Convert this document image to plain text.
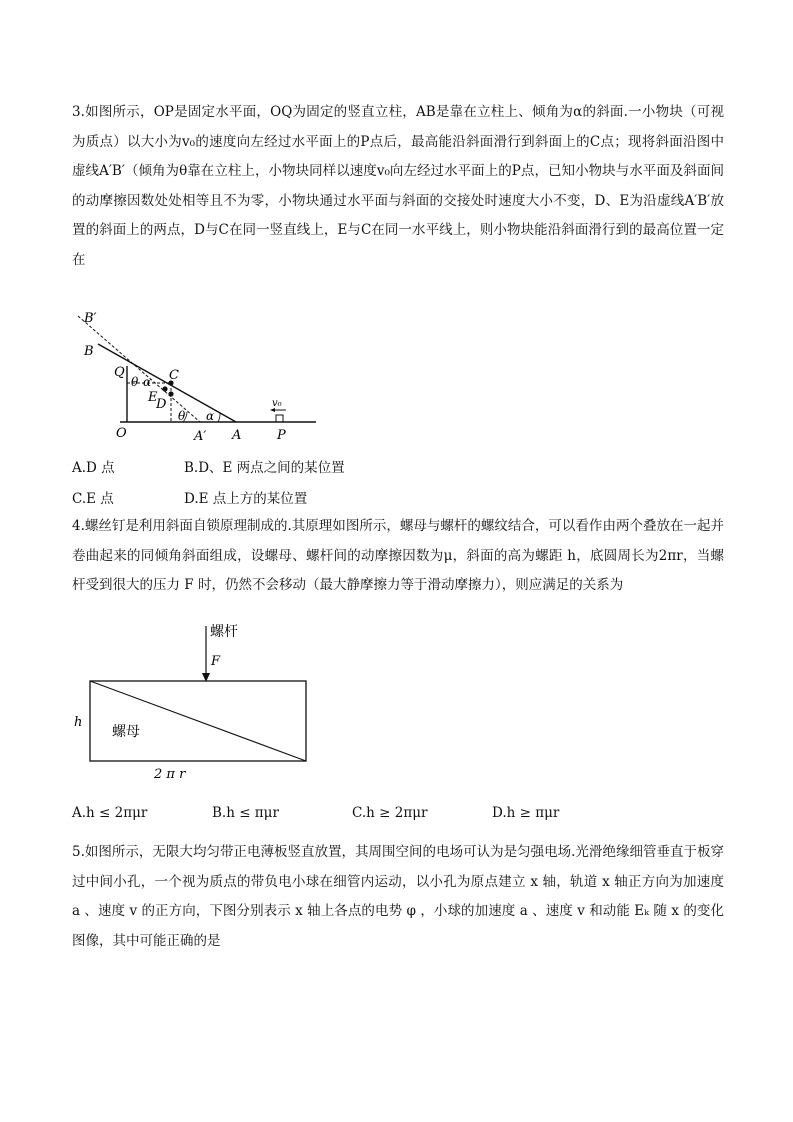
3.如图所示，OP是固定水平面，OQ为固定的竖直立柱，AB是靠在立柱上、倾角为α的斜面.一小物块（可视为质点）以大小为v₀的速度向左经过水平面上的P点后，最高能沿斜面滑行到斜面上的C点；现将斜面沿图中虚线A′B′（倾角为θ靠在立柱上，小物块同样以速度v₀向左经过水平面上的P点，已知小物块与水平面及斜面间的动摩擦因数处处相等且不为零，小物块通过水平面与斜面的交接处时速度大小不变，D、E为沿虚线A′B′放置的斜面上的两点，D与C在同一竖直线上，E与C在同一水平线上，则小物块能沿斜面滑行到的最高位置一定在
B′
B
Q	C
E
D
θ α
θ α
O	A′ A	P
v₀
A.D 点	B.D、E 两点之间的某位置
C.E 点	D.E 点上方的某位置
4.螺丝钉是利用斜面自锁原理制成的.其原理如图所示，螺母与螺杆的螺纹结合，可以看作由两个叠放在一起并卷曲起来的同倾角斜面组成，设螺母、螺杆间的动摩擦因数为μ，斜面的高为螺距 h，底圆周长为2πr，当螺杆受到很大的压力 F 时，仍然不会移动（最大静摩擦力等于滑动摩擦力），则应满足的关系为
螺杆
F
h
螺母
2 π r
A.h ≤ 2πμr	B.h ≤ πμr	C.h ≥ 2πμr	D.h ≥ πμr
5.如图所示，无限大均匀带正电薄板竖直放置，其周围空间的电场可认为是匀强电场.光滑绝缘细管垂直于板穿过中间小孔，一个视为质点的带负电小球在细管内运动，以小孔为原点建立 x 轴，轨道 x 轴正方向为加速度 a 、速度 v 的正方向，下图分别表示 x 轴上各点的电势 φ ，小球的加速度 a 、速度 v 和动能 Eₖ 随 x 的变化图像，其中可能正确的是
